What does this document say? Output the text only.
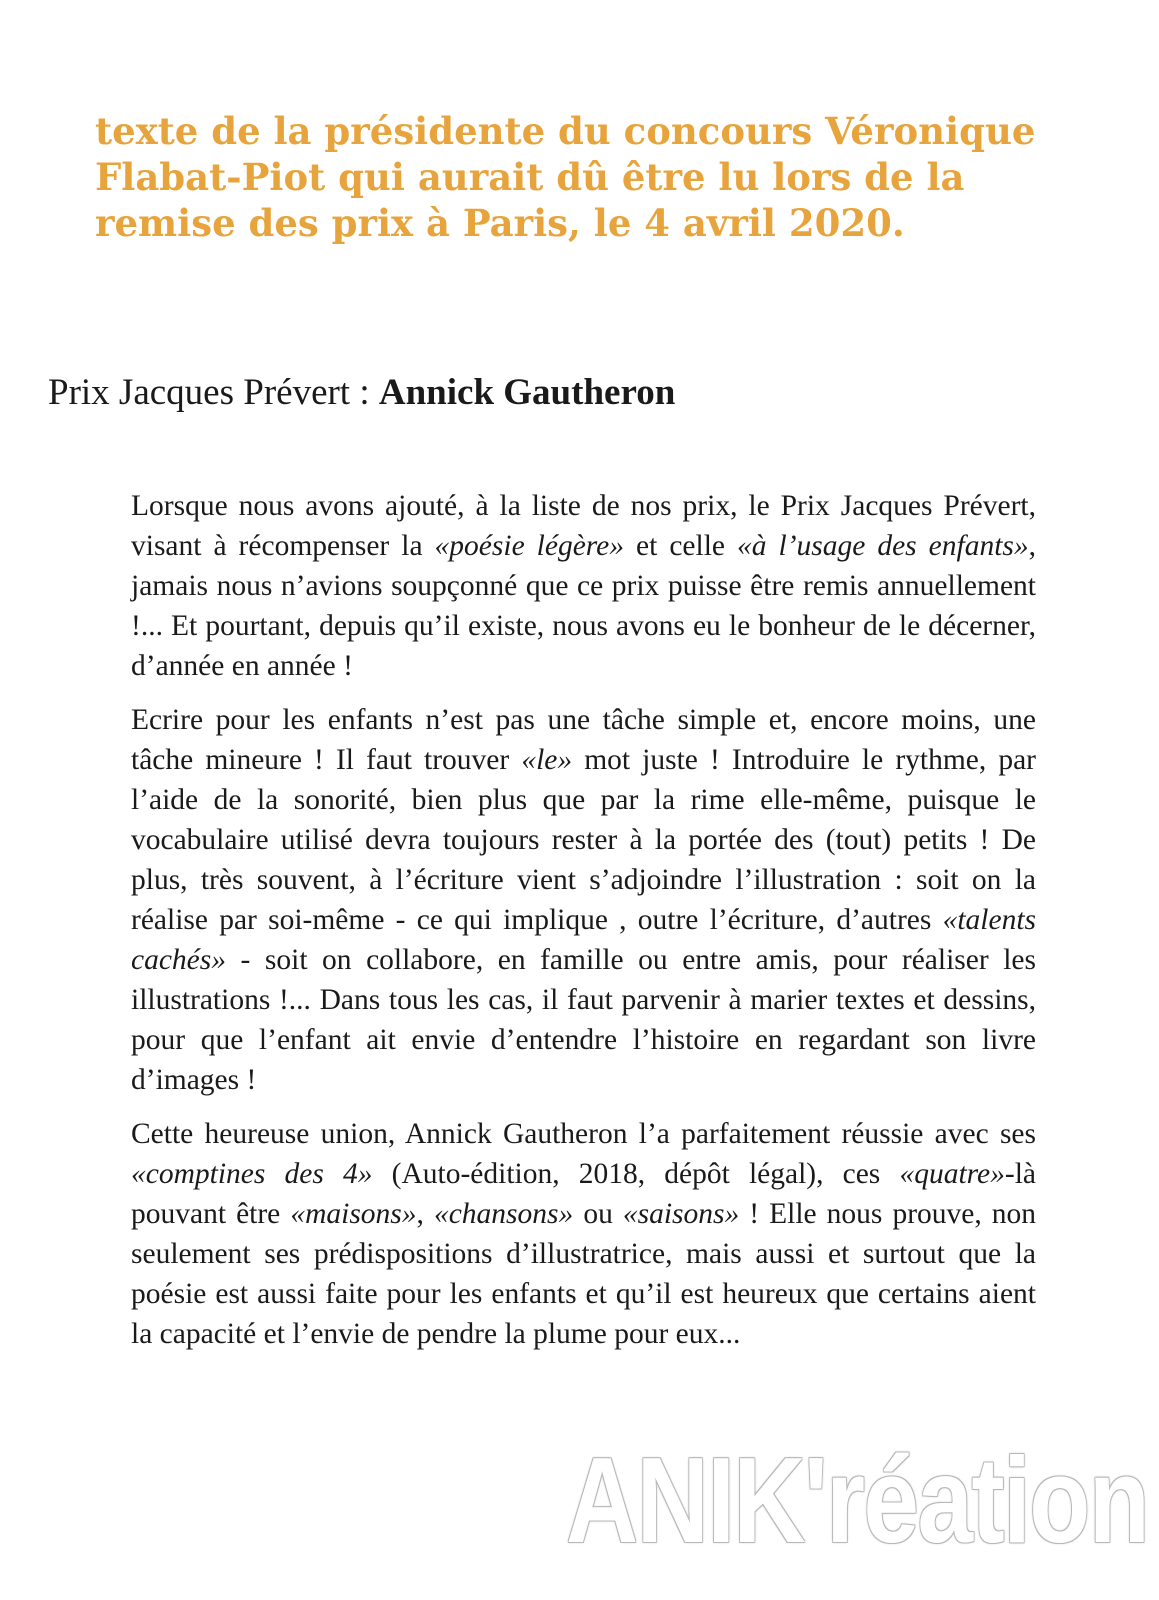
texte de la présidente du concours Véronique Flabat-Piot qui aurait dû être lu lors de la remise des prix à Paris, le 4 avril 2020.

Prix Jacques Prévert : Annick Gautheron

Lorsque nous avons ajouté, à la liste de nos prix, le Prix Jacques Prévert, visant à récompenser la «poésie légère» et celle «à l’usage des enfants», jamais nous n’avions soupçonné que ce prix puisse être remis annuellement !... Et pourtant, depuis qu’il existe, nous avons eu le bonheur de le décerner, d’année en année !

Ecrire pour les enfants n’est pas une tâche simple et, encore moins, une tâche mineure ! Il faut trouver «le» mot juste ! Introduire le rythme, par l’aide de la sonorité, bien plus que par la rime elle-même, puisque le vocabulaire utilisé devra toujours rester à la portée des (tout) petits ! De plus, très souvent, à l’écriture vient s’adjoindre l’illustration : soit on la réalise par soi-même - ce qui implique , outre l’écriture, d’autres «talents cachés» - soit on collabore, en famille ou entre amis, pour réaliser les illustrations !... Dans tous les cas, il faut parvenir à marier textes et dessins, pour que l’enfant ait envie d’entendre l’histoire en regardant son livre d’images !

Cette heureuse union, Annick Gautheron l’a parfaitement réussie avec ses «comptines des 4» (Auto-édition, 2018, dépôt légal), ces «quatre»-là pouvant être «maisons», «chansons» ou «saisons» ! Elle nous prouve, non seulement ses prédispositions d’illustratrice, mais aussi et surtout que la poésie est aussi faite pour les enfants et qu’il est heureux que certains aient la capacité et l’envie de pendre la plume pour eux...

ANIK'réation
